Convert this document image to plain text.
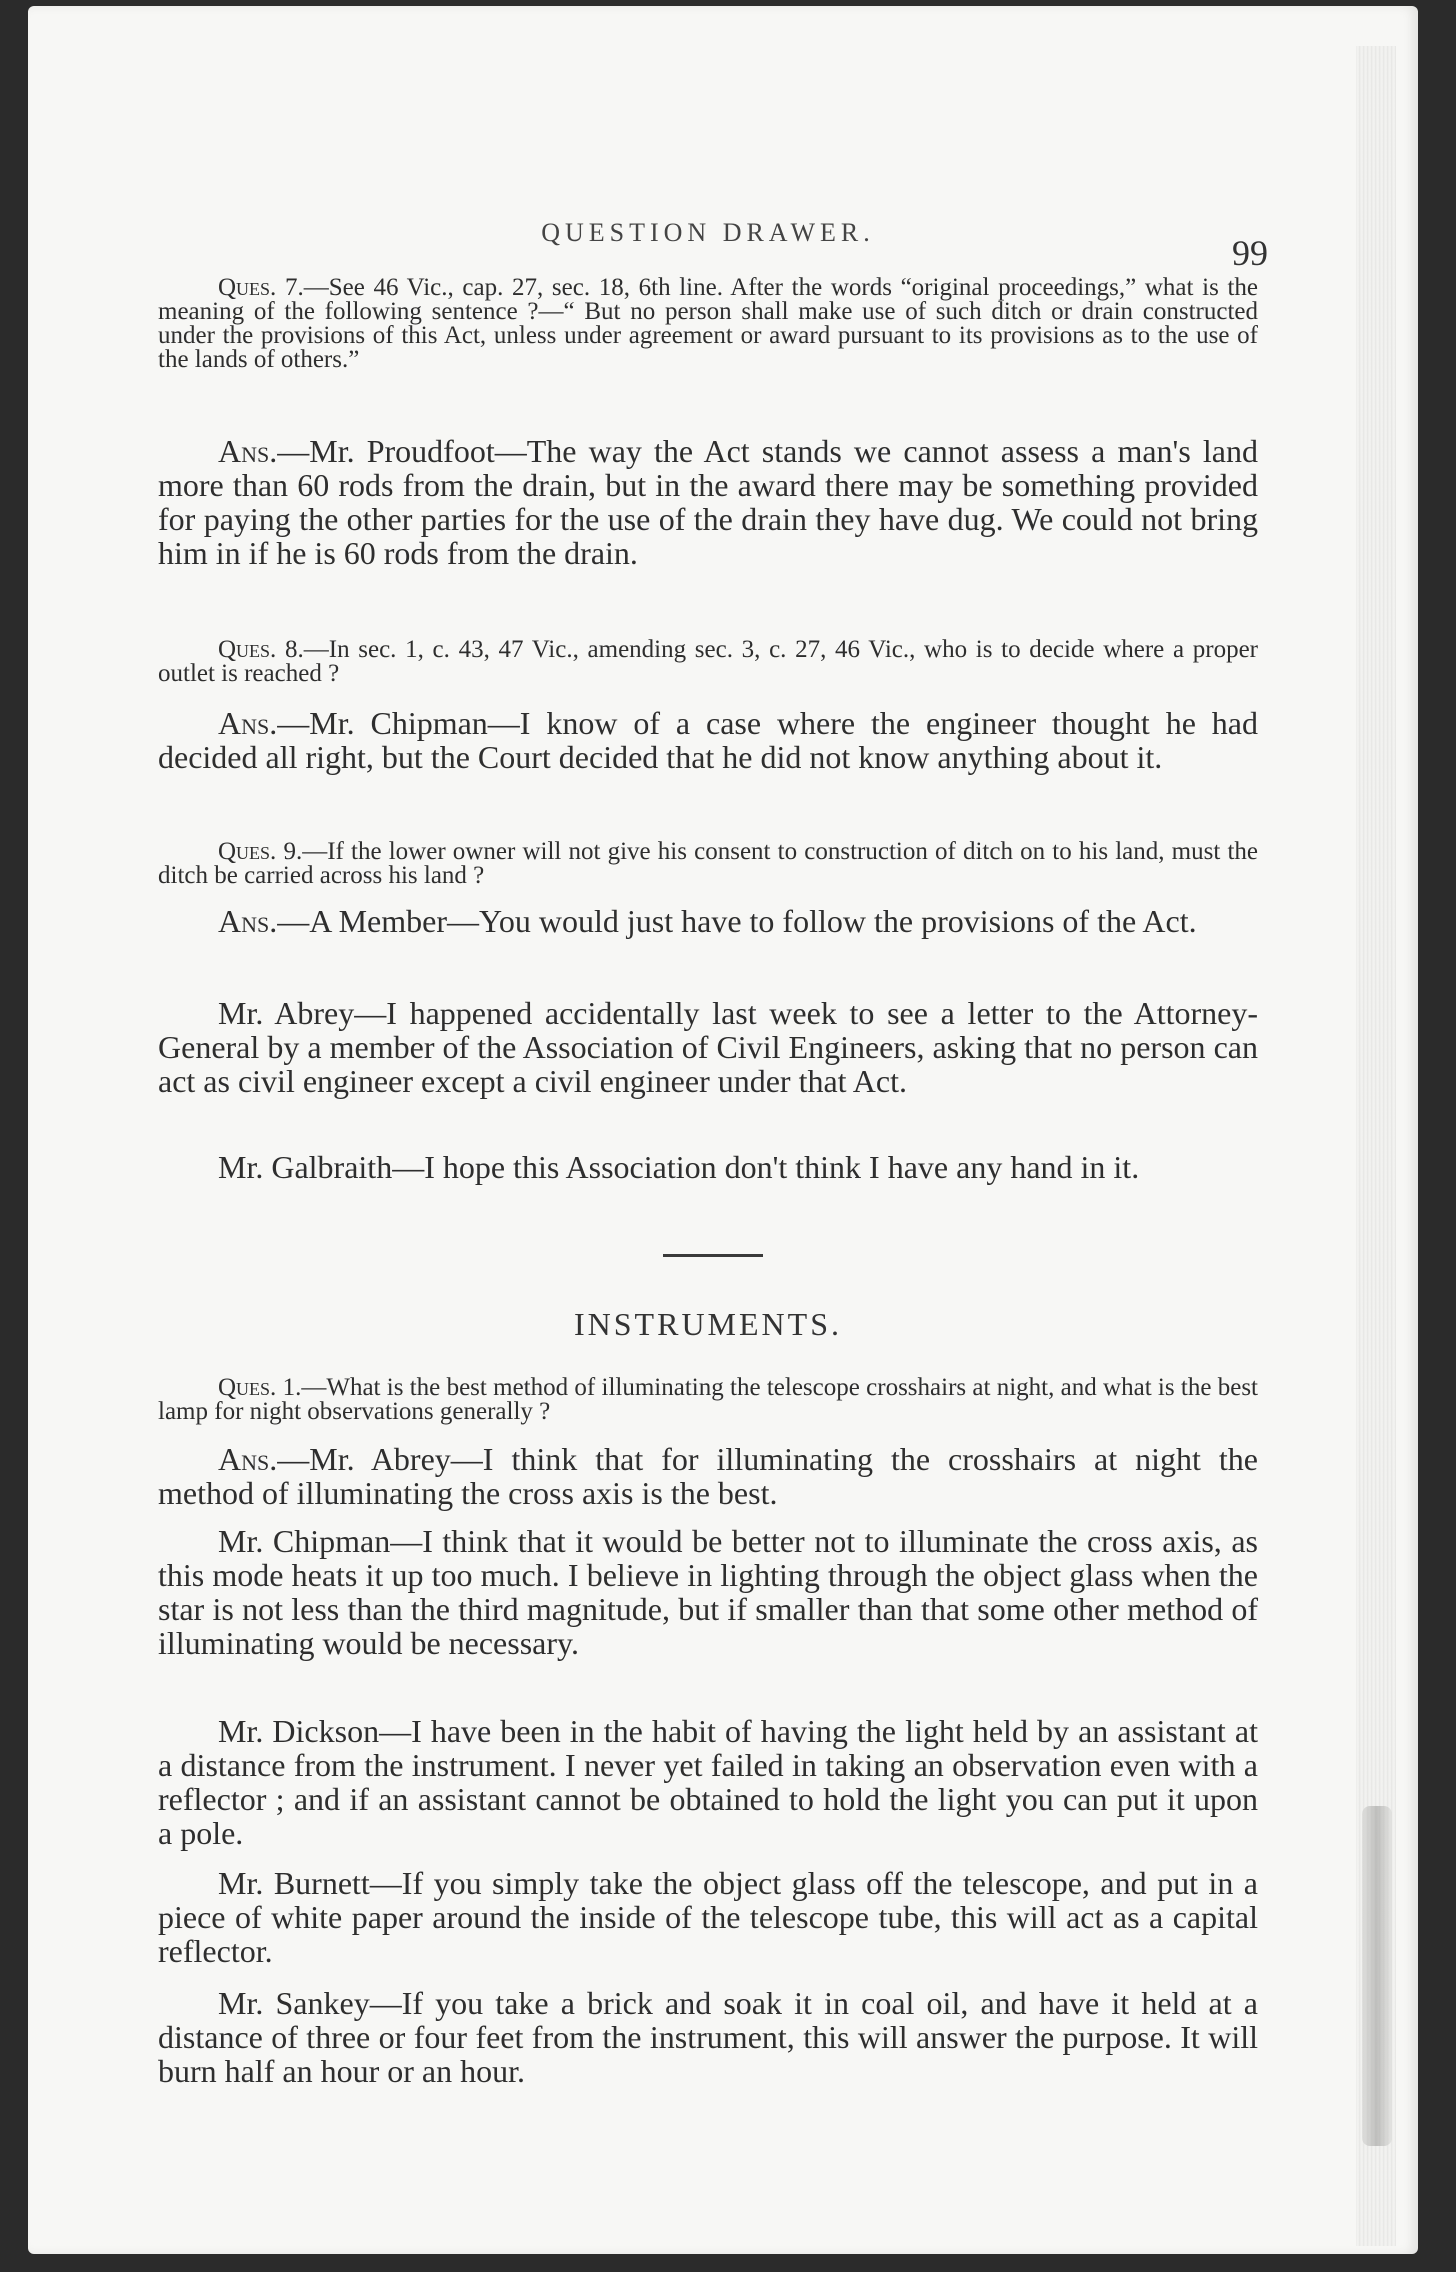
QUESTION DRAWER.
99

Ques. 7.—See 46 Vic., cap. 27, sec. 18, 6th line. After the words “original proceedings,” what is the meaning of the following sentence ?—“ But no person shall make use of such ditch or drain constructed under the provisions of this Act, unless under agreement or award pursuant to its provisions as to the use of the lands of others.”

Ans.—Mr. Proudfoot—The way the Act stands we cannot assess a man's land more than 60 rods from the drain, but in the award there may be something provided for paying the other parties for the use of the drain they have dug. We could not bring him in if he is 60 rods from the drain.

Ques. 8.—In sec. 1, c. 43, 47 Vic., amending sec. 3, c. 27, 46 Vic., who is to decide where a proper outlet is reached ?

Ans.—Mr. Chipman—I know of a case where the engineer thought he had decided all right, but the Court decided that he did not know anything about it.

Ques. 9.—If the lower owner will not give his consent to construction of ditch on to his land, must the ditch be carried across his land ?

Ans.—A Member—You would just have to follow the provisions of the Act.

Mr. Abrey—I happened accidentally last week to see a letter to the Attorney-General by a member of the Association of Civil Engineers, asking that no person can act as civil engineer except a civil engineer under that Act.

Mr. Galbraith—I hope this Association don't think I have any hand in it.

INSTRUMENTS.

Ques. 1.—What is the best method of illuminating the telescope crosshairs at night, and what is the best lamp for night observations generally ?

Ans.—Mr. Abrey—I think that for illuminating the crosshairs at night the method of illuminating the cross axis is the best.

Mr. Chipman—I think that it would be better not to illuminate the cross axis, as this mode heats it up too much. I believe in lighting through the object glass when the star is not less than the third magnitude, but if smaller than that some other method of illuminating would be necessary.

Mr. Dickson—I have been in the habit of having the light held by an assistant at a distance from the instrument. I never yet failed in taking an observation even with a reflector ; and if an assistant cannot be obtained to hold the light you can put it upon a pole.

Mr. Burnett—If you simply take the object glass off the telescope, and put in a piece of white paper around the inside of the telescope tube, this will act as a capital reflector.

Mr. Sankey—If you take a brick and soak it in coal oil, and have it held at a distance of three or four feet from the instrument, this will answer the purpose. It will burn half an hour or an hour.
